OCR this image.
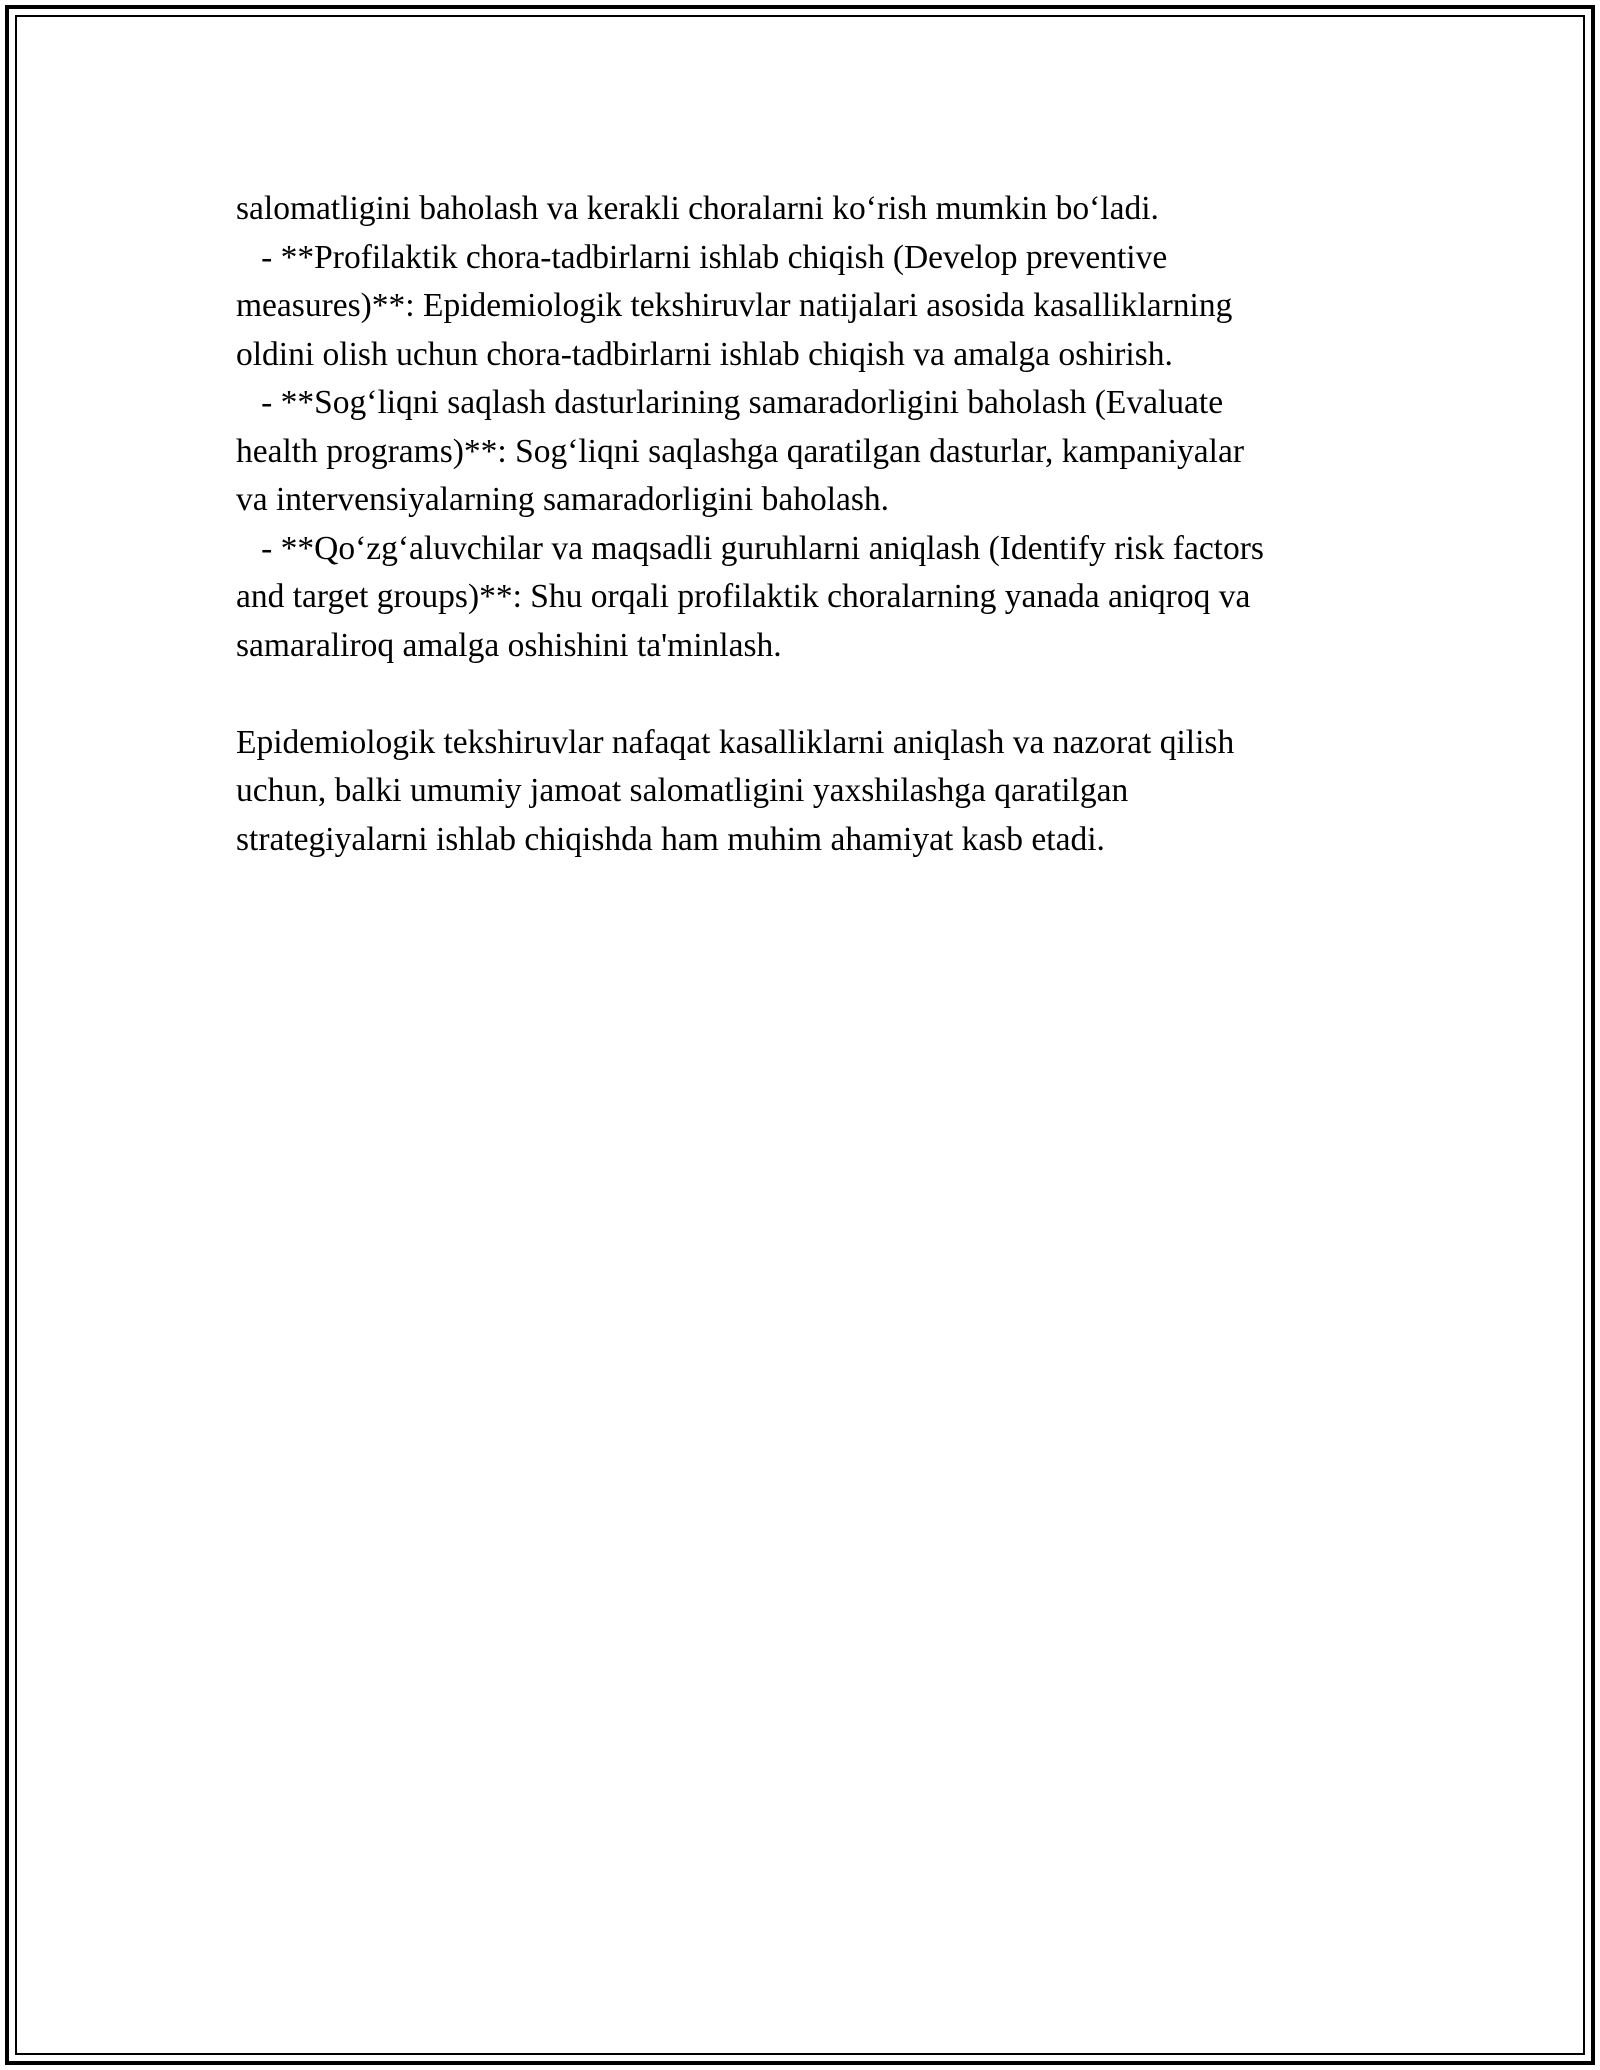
salomatligini baholash va kerakli choralarni ko‘rish mumkin bo‘ladi.
- **Profilaktik chora-tadbirlarni ishlab chiqish (Develop preventive
measures)**: Epidemiologik tekshiruvlar natijalari asosida kasalliklarning
oldini olish uchun chora-tadbirlarni ishlab chiqish va amalga oshirish.
- **Sog‘liqni saqlash dasturlarining samaradorligini baholash (Evaluate
health programs)**: Sog‘liqni saqlashga qaratilgan dasturlar, kampaniyalar
va intervensiyalarning samaradorligini baholash.
- **Qo‘zg‘aluvchilar va maqsadli guruhlarni aniqlash (Identify risk factors
and target groups)**: Shu orqali profilaktik choralarning yanada aniqroq va
samaraliroq amalga oshishini ta'minlash.
Epidemiologik tekshiruvlar nafaqat kasalliklarni aniqlash va nazorat qilish
uchun, balki umumiy jamoat salomatligini yaxshilashga qaratilgan
strategiyalarni ishlab chiqishda ham muhim ahamiyat kasb etadi.
